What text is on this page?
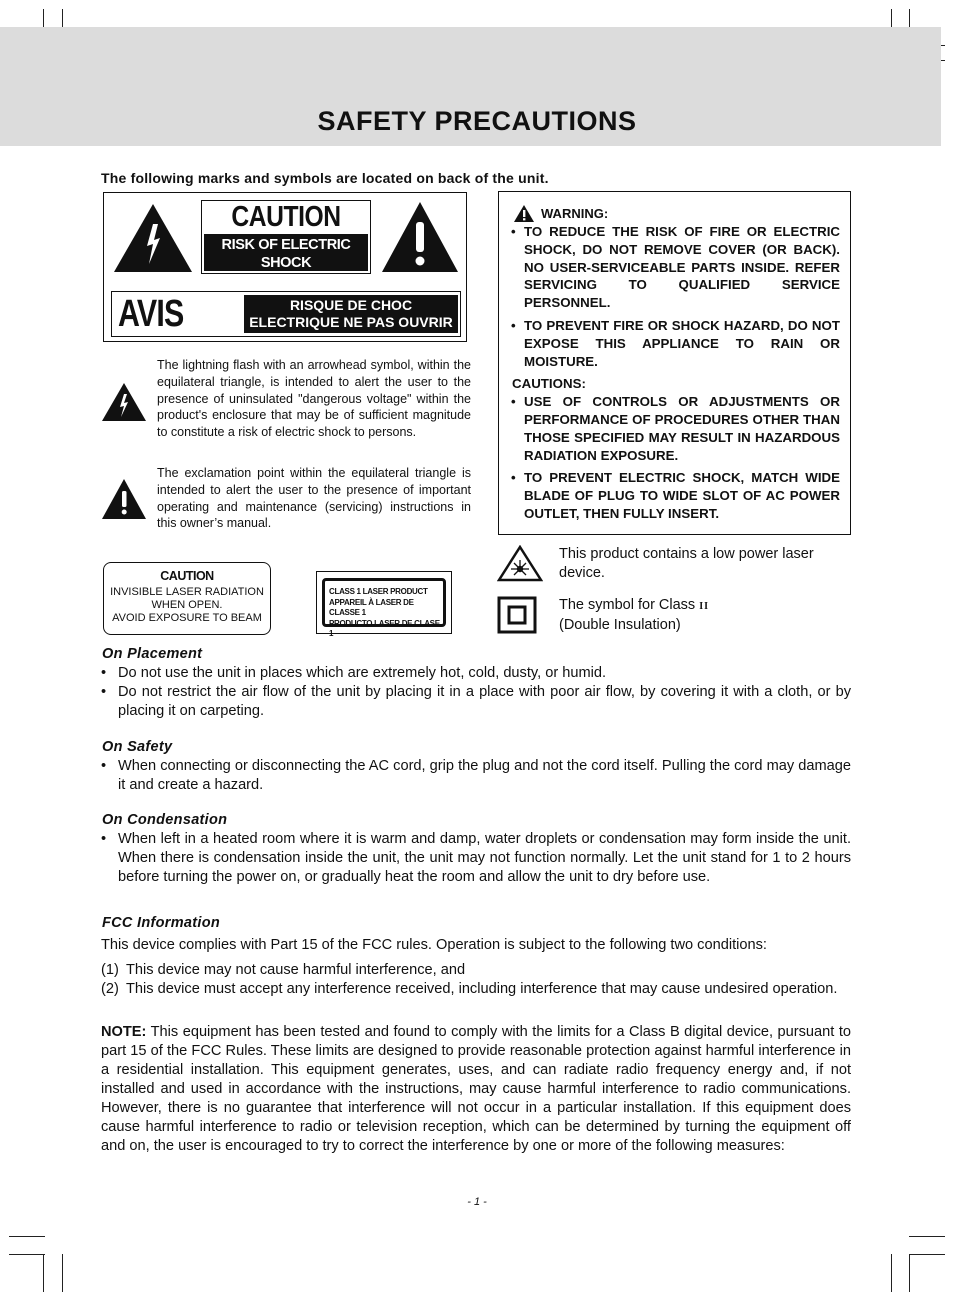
SAFETY PRECAUTIONS
The following marks and symbols are located on back of the unit.
CAUTION
RISK OF ELECTRIC SHOCK
DO NOT OPEN
AVIS	RISQUE DE CHOC
ELECTRIQUE NE PAS OUVRIR

The lightning flash with an arrowhead symbol, within the equilateral triangle, is intended to alert the user to the presence of uninsulated "dangerous voltage" within the product's enclosure that may be of sufficient magnitude to constitute a risk of electric shock to persons.

The exclamation point within the equilateral triangle is intended to alert the user to the presence of important operating and maintenance (servicing) instructions in this owner’s manual.

WARNING:
• TO REDUCE THE RISK OF FIRE OR ELECTRIC SHOCK, DO NOT REMOVE COVER (OR BACK). NO USER-SERVICEABLE PARTS INSIDE. REFER SERVICING TO QUALIFIED SERVICE PERSONNEL.
• TO PREVENT FIRE OR SHOCK HAZARD, DO NOT EXPOSE THIS APPLIANCE TO RAIN OR MOISTURE.
CAUTIONS:
• USE OF CONTROLS OR ADJUSTMENTS OR PERFORMANCE OF PROCEDURES OTHER THAN THOSE SPECIFIED MAY RESULT IN HAZARDOUS RADIATION EXPOSURE.
• TO PREVENT ELECTRIC SHOCK, MATCH WIDE BLADE OF PLUG TO WIDE SLOT OF AC POWER OUTLET, THEN FULLY INSERT.
CAUTION
INVISIBLE LASER RADIATION
WHEN OPEN.
AVOID EXPOSURE TO BEAM
CLASS 1 LASER PRODUCT
APPAREIL À LASER DE CLASSE 1
PRODUCTO LASER DE CLASE 1

This product contains a low power laser device.

The symbol for Class II
(Double Insulation)
On Placement
• Do not use the unit in places which are extremely hot, cold, dusty, or humid.
• Do not restrict the air flow of the unit by placing it in a place with poor air flow, by covering it with a cloth, or by placing it on carpeting.
On Safety
• When connecting or disconnecting the AC cord, grip the plug and not the cord itself. Pulling the cord may damage it and create a hazard.
On Condensation
• When left in a heated room where it is warm and damp, water droplets or condensation may form inside the unit. When there is condensation inside the unit, the unit may not function normally. Let the unit stand for 1 to 2 hours before turning the power on, or gradually heat the room and allow the unit to dry before use.
FCC Information

This device complies with Part 15 of the FCC rules. Operation is subject to the following two conditions:

(1) This device may not cause harmful interference, and
(2) This device must accept any interference received, including interference that may cause undesired operation.

NOTE: This equipment has been tested and found to comply with the limits for a Class B digital device, pursuant to part 15 of the FCC Rules. These limits are designed to provide reasonable protection against harmful interference in a residential installation. This equipment generates, uses, and can radiate radio frequency energy and, if not installed and used in accordance with the instructions, may cause harmful interference to radio communications. However, there is no guarantee that interference will not occur in a particular installation. If this equipment does cause harmful interference to radio or television reception, which can be determined by turning the equipment off and on, the user is encouraged to try to correct the interference by one or more of the following measures:

- 1 -
